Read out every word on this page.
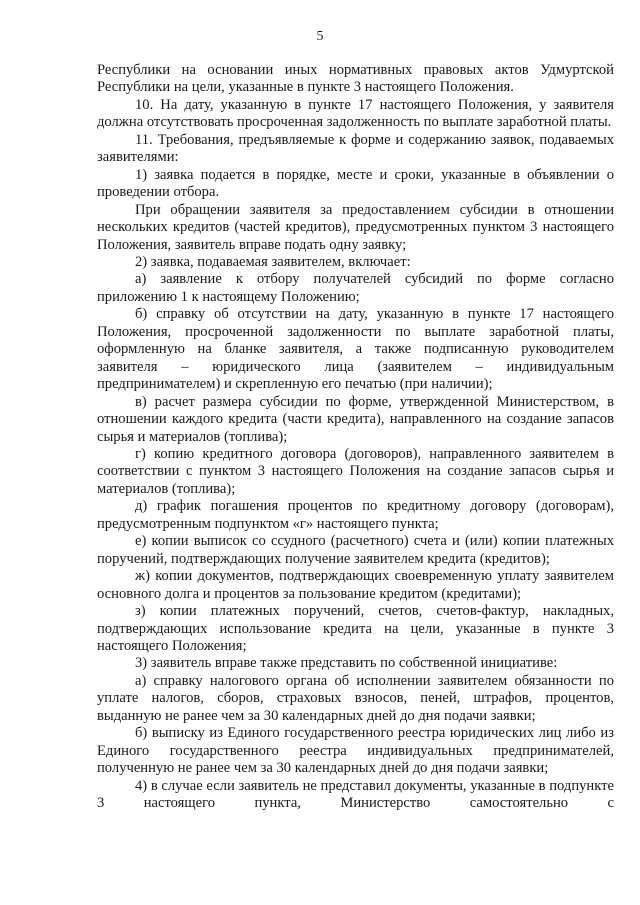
5

Республики на основании иных нормативных правовых актов Удмуртской Республики на цели, указанные в пункте 3 настоящего Положения.

10. На дату, указанную в пункте 17 настоящего Положения, у заявителя должна отсутствовать просроченная задолженность по выплате заработной платы.

11. Требования, предъявляемые к форме и содержанию заявок, подаваемых заявителями:

1) заявка подается в порядке, месте и сроки, указанные в объявлении о проведении отбора.

При обращении заявителя за предоставлением субсидии в отношении нескольких кредитов (частей кредитов), предусмотренных пунктом 3 настоящего Положения, заявитель вправе подать одну заявку;

2) заявка, подаваемая заявителем, включает:

а) заявление к отбору получателей субсидий по форме согласно приложению 1 к настоящему Положению;

б) справку об отсутствии на дату, указанную в пункте 17 настоящего Положения, просроченной задолженности по выплате заработной платы, оформленную на бланке заявителя, а также подписанную руководителем заявителя – юридического лица (заявителем – индивидуальным предпринимателем) и скрепленную его печатью (при наличии);

в) расчет размера субсидии по форме, утвержденной Министерством, в отношении каждого кредита (части кредита), направленного на создание запасов сырья и материалов (топлива);

г) копию кредитного договора (договоров), направленного заявителем в соответствии с пунктом 3 настоящего Положения на создание запасов сырья и материалов (топлива);

д) график погашения процентов по кредитному договору (договорам), предусмотренным подпунктом «г» настоящего пункта;

е) копии выписок со ссудного (расчетного) счета и (или) копии платежных поручений, подтверждающих получение заявителем кредита (кредитов);

ж) копии документов, подтверждающих своевременную уплату заявителем основного долга и процентов за пользование кредитом (кредитами);

з) копии платежных поручений, счетов, счетов-фактур, накладных, подтверждающих использование кредита на цели, указанные в пункте 3 настоящего Положения;

3) заявитель вправе также представить по собственной инициативе:

а) справку налогового органа об исполнении заявителем обязанности по уплате налогов, сборов, страховых взносов, пеней, штрафов, процентов, выданную не ранее чем за 30 календарных дней до дня подачи заявки;

б) выписку из Единого государственного реестра юридических лиц либо из Единого государственного реестра индивидуальных предпринимателей, полученную не ранее чем за 30 календарных дней до дня подачи заявки;

4) в случае если заявитель не представил документы, указанные в подпункте 3 настоящего пункта, Министерство самостоятельно с
